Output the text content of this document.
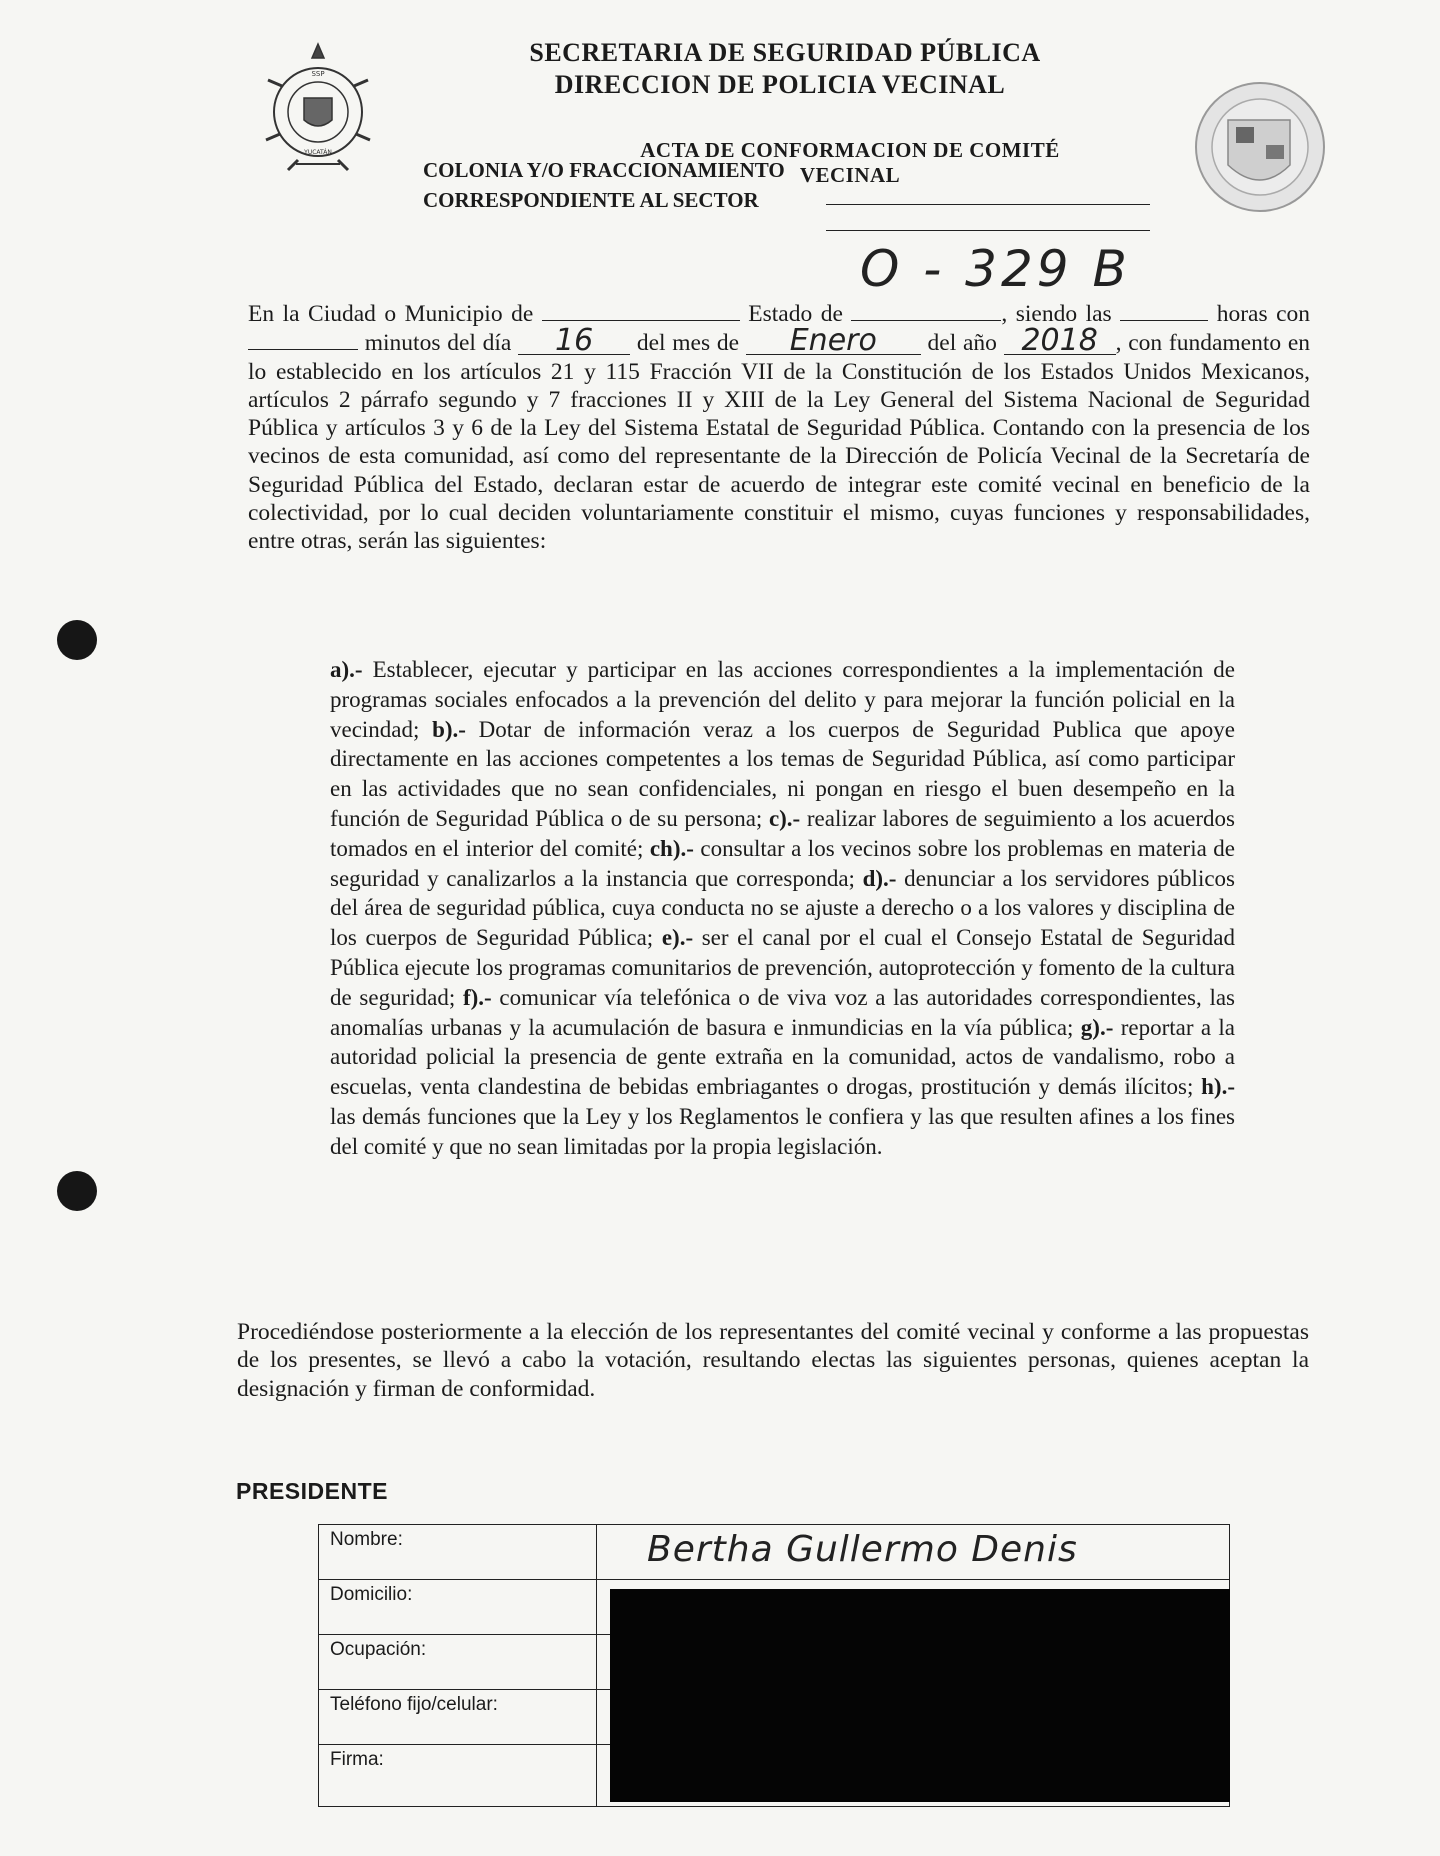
SSP
YUCATÁN
SECRETARIA DE SEGURIDAD PÚBLICA
DIRECCION DE POLICIA VECINAL
ACTA DE CONFORMACION DE COMITÉ VECINAL
COLONIA Y/O FRACCIONAMIENTO
CORRESPONDIENTE AL SECTOR
O - 329 B
En la Ciudad o Municipio de	Estado de	, siendo las	horas con  minutos del día 16 del mes de Enero del año 2018 , con fundamento en lo establecido en los artículos 21 y 115 Fracción VII de la Constitución de los Estados Unidos Mexicanos, artículos 2 párrafo segundo y 7 fracciones II y XIII de la Ley General del Sistema Nacional de Seguridad Pública y artículos 3 y 6 de la Ley del Sistema Estatal de Seguridad Pública. Contando con la presencia de los vecinos de esta comunidad, así como del representante de la Dirección de Policía Vecinal de la Secretaría de Seguridad Pública del Estado, declaran estar de acuerdo de integrar este comité vecinal en beneficio de la colectividad, por lo cual deciden voluntariamente constituir el mismo, cuyas funciones y responsabilidades, entre otras, serán las siguientes:
a).- Establecer, ejecutar y participar en las acciones correspondientes a la implementación de programas sociales enfocados a la prevención del delito y para mejorar la función policial en la vecindad; b).- Dotar de información veraz a los cuerpos de Seguridad Publica que apoye directamente en las acciones competentes a los temas de Seguridad Pública, así como participar en las actividades que no sean confidenciales, ni pongan en riesgo el buen desempeño en la función de Seguridad Pública o de su persona; c).- realizar labores de seguimiento a los acuerdos tomados en el interior del comité; ch).- consultar a los vecinos sobre los problemas en materia de seguridad y canalizarlos a la instancia que corresponda; d).- denunciar a los servidores públicos del área de seguridad pública, cuya conducta no se ajuste a derecho o a los valores y disciplina de los cuerpos de Seguridad Pública; e).- ser el canal por el cual el Consejo Estatal de Seguridad Pública ejecute los programas comunitarios de prevención, autoprotección y fomento de la cultura de seguridad; f).- comunicar vía telefónica o de viva voz a las autoridades correspondientes, las anomalías urbanas y la acumulación de basura e inmundicias en la vía pública; g).- reportar a la autoridad policial la presencia de gente extraña en la comunidad, actos de vandalismo, robo a escuelas, venta clandestina de bebidas embriagantes o drogas, prostitución y demás ilícitos; h).- las demás funciones que la Ley y los Reglamentos le confiera y las que resulten afines a los fines del comité y que no sean limitadas por la propia legislación.
Procediéndose posteriormente a la elección de los representantes del comité vecinal y conforme a las propuestas de los presentes, se llevó a cabo la votación, resultando electas las siguientes personas, quienes aceptan la designación y firman de conformidad.
PRESIDENTE
Nombre:	Bertha Gullermo Denis

Domicilio:	
Ocupación:	
Teléfono fijo/celular:	
Firma:	
